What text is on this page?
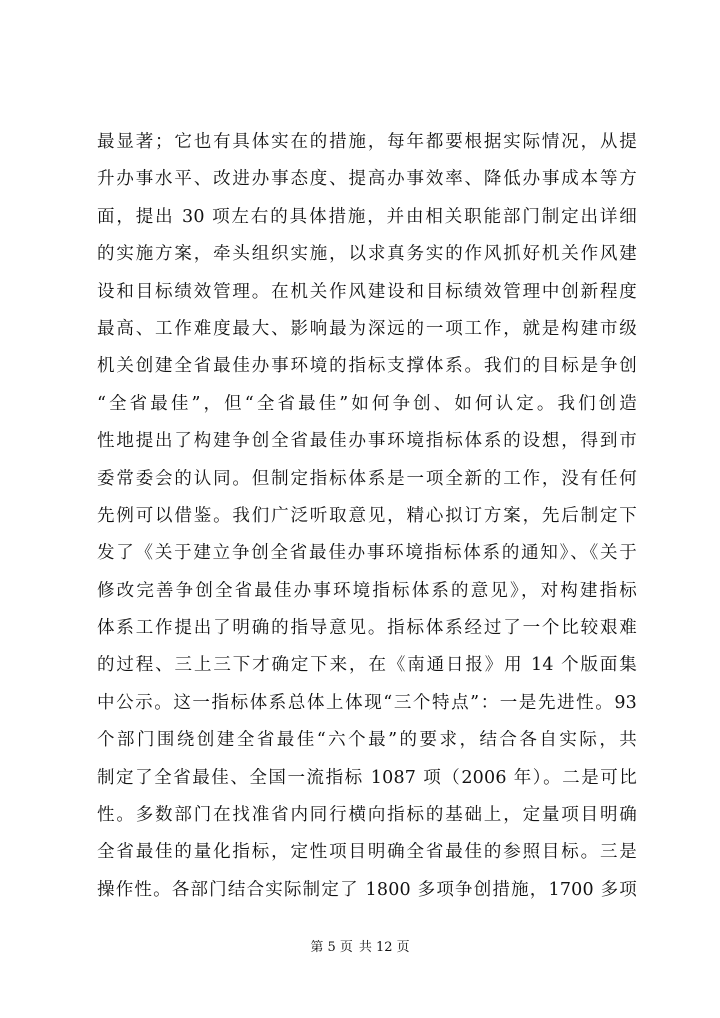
最显著；它也有具体实在的措施，每年都要根据实际情况，从提
升办事水平、改进办事态度、提高办事效率、降低办事成本等方
面，提出 30 项左右的具体措施，并由相关职能部门制定出详细
的实施方案，牵头组织实施，以求真务实的作风抓好机关作风建
设和目标绩效管理。在机关作风建设和目标绩效管理中创新程度
最高、工作难度最大、影响最为深远的一项工作，就是构建市级
机关创建全省最佳办事环境的指标支撑体系。我们的目标是争创
“全省最佳”，但“全省最佳”如何争创、如何认定。我们创造
性地提出了构建争创全省最佳办事环境指标体系的设想，得到市
委常委会的认同。但制定指标体系是一项全新的工作，没有任何
先例可以借鉴。我们广泛听取意见，精心拟订方案，先后制定下
发了《关于建立争创全省最佳办事环境指标体系的通知》、《关于
修改完善争创全省最佳办事环境指标体系的意见》，对构建指标
体系工作提出了明确的指导意见。指标体系经过了一个比较艰难
的过程、三上三下才确定下来，在《南通日报》用 14 个版面集
中公示。这一指标体系总体上体现“三个特点”：一是先进性。93
个部门围绕创建全省最佳“六个最”的要求，结合各自实际，共
制定了全省最佳、全国一流指标 1087 项（2006 年）。二是可比
性。多数部门在找准省内同行横向指标的基础上，定量项目明确
全省最佳的量化指标，定性项目明确全省最佳的参照目标。三是
操作性。各部门结合实际制定了 1800 多项争创措施，1700 多项
第 5 页 共 12 页
